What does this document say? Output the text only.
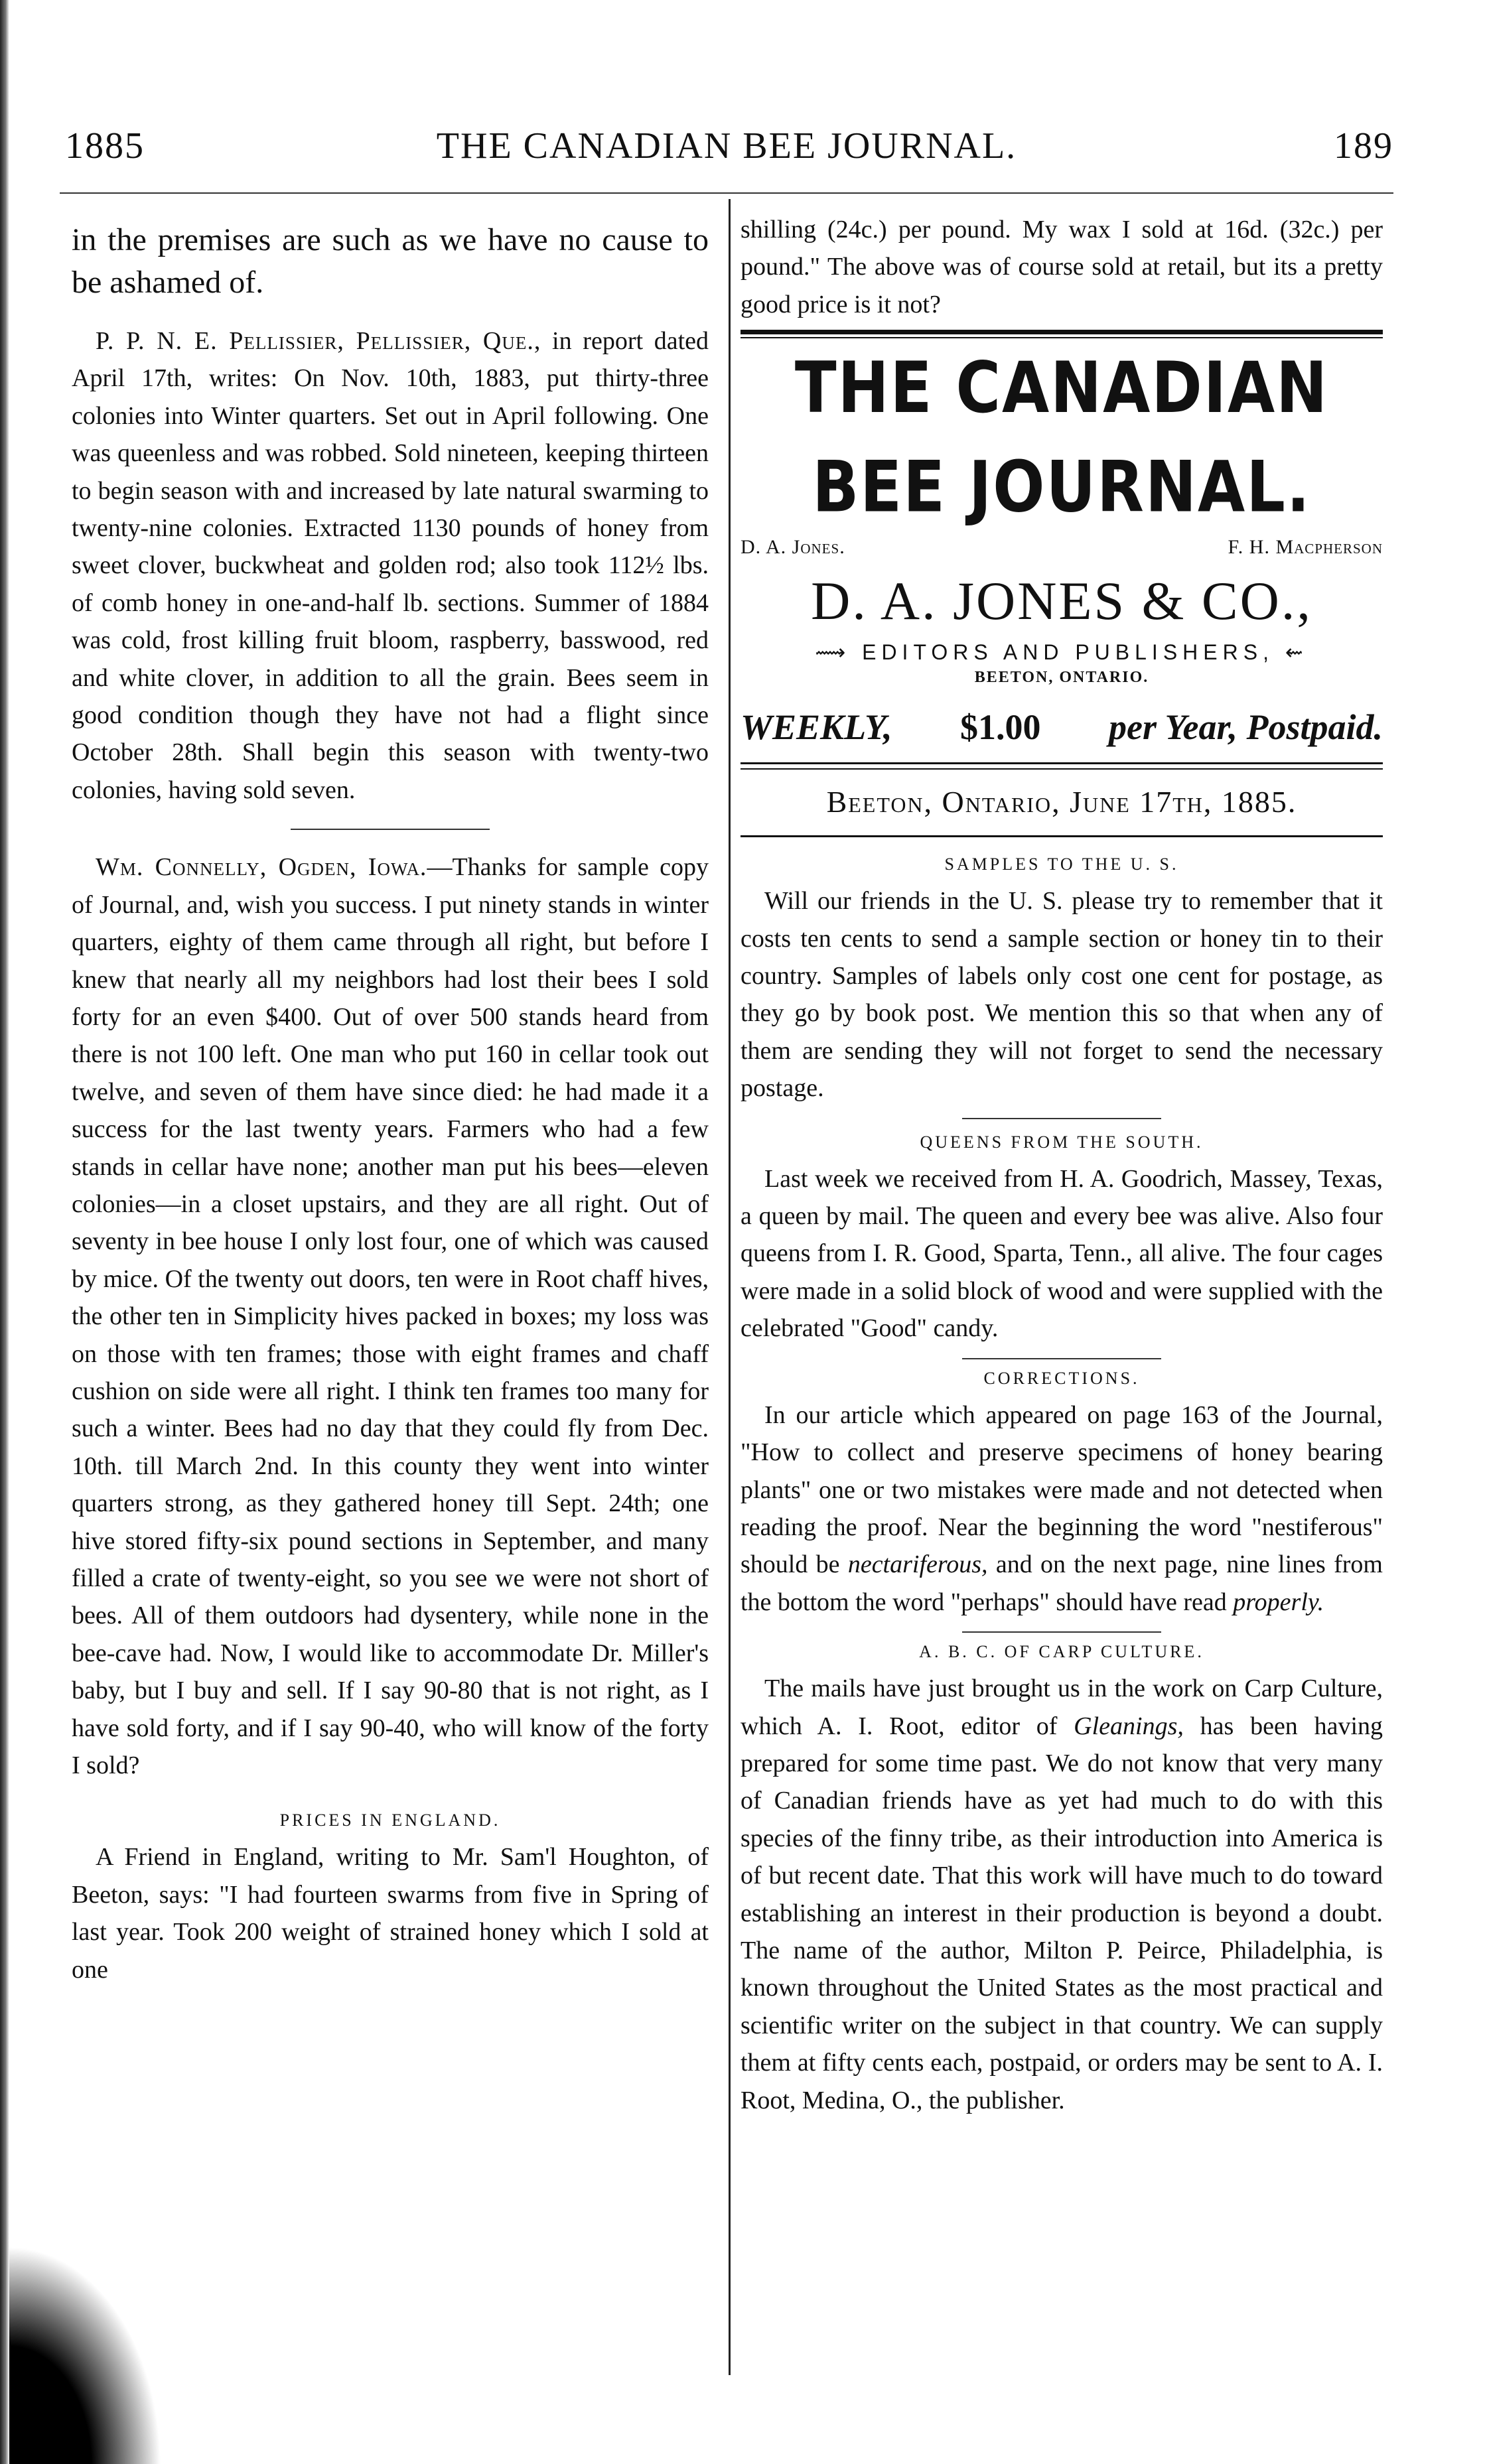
1885	THE CANADIAN BEE JOURNAL.	189

in the premises are such as we have no cause to be ashamed of.

P. P. N. E. Pellissier, Pellissier, Que., in report dated April 17th, writes: On Nov. 10th, 1883, put thirty-three colonies into Winter quarters. Set out in April following. One was queenless and was robbed. Sold nineteen, keeping thirteen to begin season with and increased by late natural swarming to twenty-nine colonies. Extracted 1130 pounds of honey from sweet clover, buckwheat and golden rod; also took 112½ lbs. of comb honey in one-and-half lb. sections. Summer of 1884 was cold, frost killing fruit bloom, raspberry, basswood, red and white clover, in addition to all the grain. Bees seem in good condition though they have not had a flight since October 28th. Shall begin this season with twenty-two colonies, having sold seven.

Wm. Connelly, Ogden, Iowa.—Thanks for sample copy of Journal, and, wish you success. I put ninety stands in winter quarters, eighty of them came through all right, but before I knew that nearly all my neighbors had lost their bees I sold forty for an even $400. Out of over 500 stands heard from there is not 100 left. One man who put 160 in cellar took out twelve, and seven of them have since died: he had made it a success for the last twenty years. Farmers who had a few stands in cellar have none; another man put his bees—eleven colonies—in a closet upstairs, and they are all right. Out of seventy in bee house I only lost four, one of which was caused by mice. Of the twenty out doors, ten were in Root chaff hives, the other ten in Simplicity hives packed in boxes; my loss was on those with ten frames; those with eight frames and chaff cushion on side were all right. I think ten frames too many for such a winter. Bees had no day that they could fly from Dec. 10th. till March 2nd. In this county they went into winter quarters strong, as they gathered honey till Sept. 24th; one hive stored fifty-six pound sections in September, and many filled a crate of twenty-eight, so you see we were not short of bees. All of them outdoors had dysentery, while none in the bee-cave had. Now, I would like to accommodate Dr. Miller's baby, but I buy and sell. If I say 90-80 that is not right, as I have sold forty, and if I say 90-40, who will know of the forty I sold?

PRICES IN ENGLAND.

A Friend in England, writing to Mr. Sam'l Houghton, of Beeton, says: "I had fourteen swarms from five in Spring of last year. Took 200 weight of strained honey which I sold at one

shilling (24c.) per pound. My wax I sold at 16d. (32c.) per pound." The above was of course sold at retail, but its a pretty good price is it not?

THE CANADIAN BEE JOURNAL.
D. A. Jones.	F. H. Macpherson
D. A. JONES & CO.,
⟿ EDITORS AND PUBLISHERS, ⇜
BEETON, ONTARIO.
WEEKLY, $1.00 per Year, Postpaid.
Beeton, Ontario, June 17th, 1885.
SAMPLES TO THE U. S.

Will our friends in the U. S. please try to remember that it costs ten cents to send a sample section or honey tin to their country. Samples of labels only cost one cent for postage, as they go by book post. We mention this so that when any of them are sending they will not forget to send the necessary postage.

QUEENS FROM THE SOUTH.

Last week we received from H. A. Goodrich, Massey, Texas, a queen by mail. The queen and every bee was alive. Also four queens from I. R. Good, Sparta, Tenn., all alive. The four cages were made in a solid block of wood and were supplied with the celebrated "Good" candy.

CORRECTIONS.

In our article which appeared on page 163 of the Journal, "How to collect and preserve specimens of honey bearing plants" one or two mistakes were made and not detected when reading the proof. Near the beginning the word "nestiferous" should be nectariferous, and on the next page, nine lines from the bottom the word "perhaps" should have read properly.

A. B. C. OF CARP CULTURE.

The mails have just brought us in the work on Carp Culture, which A. I. Root, editor of Gleanings, has been having prepared for some time past. We do not know that very many of Canadian friends have as yet had much to do with this species of the finny tribe, as their introduction into America is of but recent date. That this work will have much to do toward establishing an interest in their production is beyond a doubt. The name of the author, Milton P. Peirce, Philadelphia, is known throughout the United States as the most practical and scientific writer on the subject in that country. We can supply them at fifty cents each, postpaid, or orders may be sent to A. I. Root, Medina, O., the publisher.
